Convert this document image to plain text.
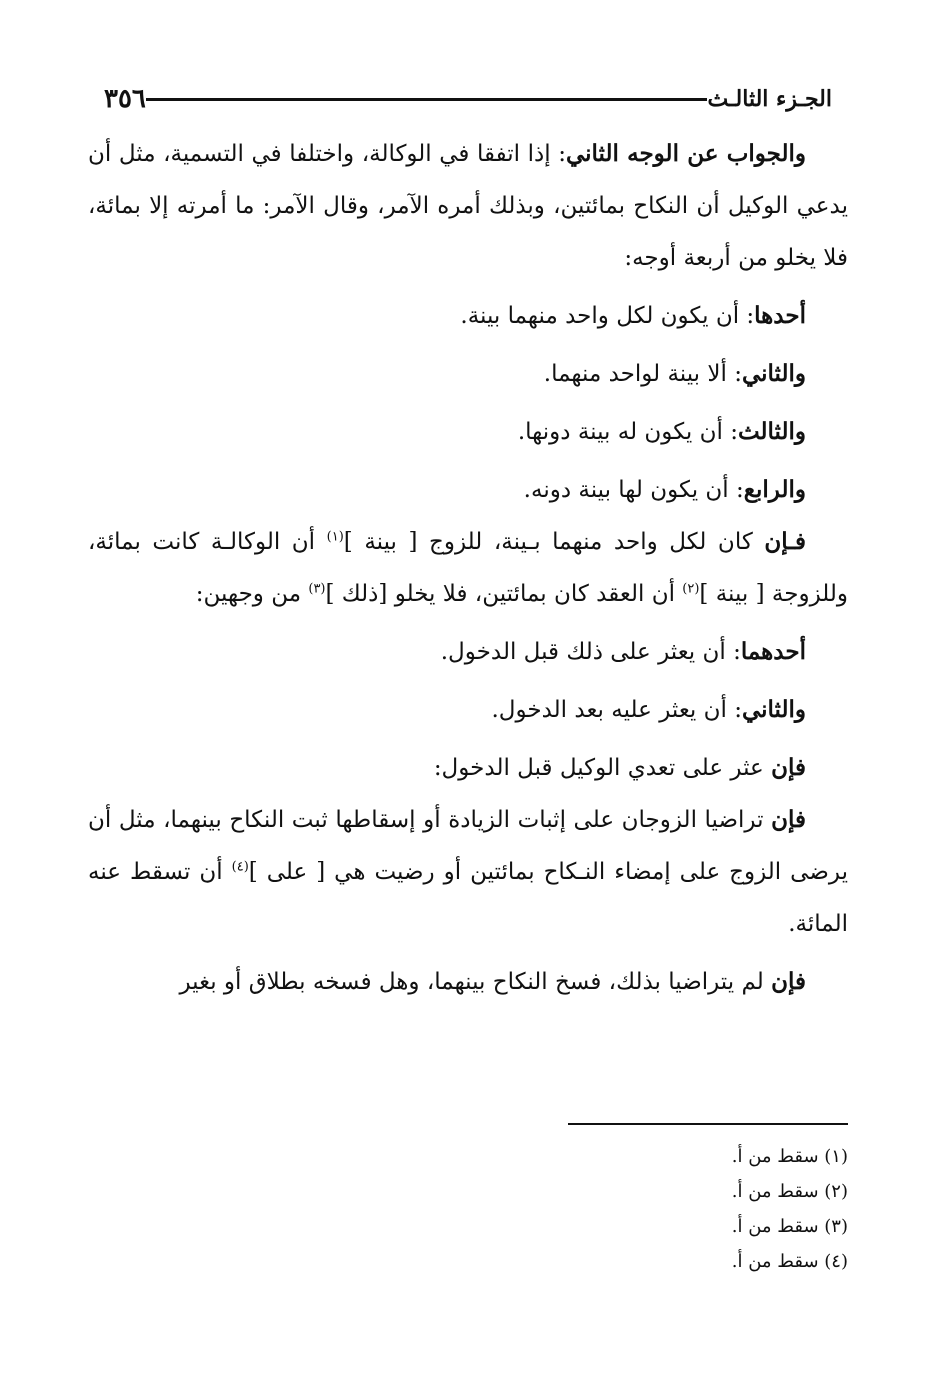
الجـزء الثالـث
٣٥٦

والجواب عن الوجه الثاني: إذا اتفقا في الوكالة، واختلفا في التسمية، مثل أن يدعي الوكيل أن النكاح بمائتين، وبذلك أمره الآمر، وقال الآمر: ما أمرته إلا بمائة، فلا يخلو من أربعة أوجه:

أحدها: أن يكون لكل واحد منهما بينة.

والثاني: ألا بينة لواحد منهما.

والثالث: أن يكون له بينة دونها.

والرابع: أن يكون لها بينة دونه.

فـإن كان لكل واحد منهما بـينة، للزوج [ بينة ]$^{(١)}$ أن الوكالـة كانت بمائة، وللزوجة [ بينة ]$^{(٢)}$ أن العقد كان بمائتين، فلا يخلو [ذلك ]$^{(٣)}$ من وجهين:

أحدهما: أن يعثر على ذلك قبل الدخول.

والثاني: أن يعثر عليه بعد الدخول.

فإن عثر على تعدي الوكيل قبل الدخول:

فإن تراضيا الزوجان على إثبات الزيادة أو إسقاطها ثبت النكاح بينهما، مثل أن يرضى الزوج على إمضاء النـكاح بمائتين أو رضيت هي [ على ]$^{(٤)}$ أن تسقط عنه المائة.

فإن لم يتراضيا بذلك، فسخ النكاح بينهما، وهل فسخه بطلاق أو بغير

(١) سقط من أ.
(٢) سقط من أ.
(٣) سقط من أ.
(٤) سقط من أ.
